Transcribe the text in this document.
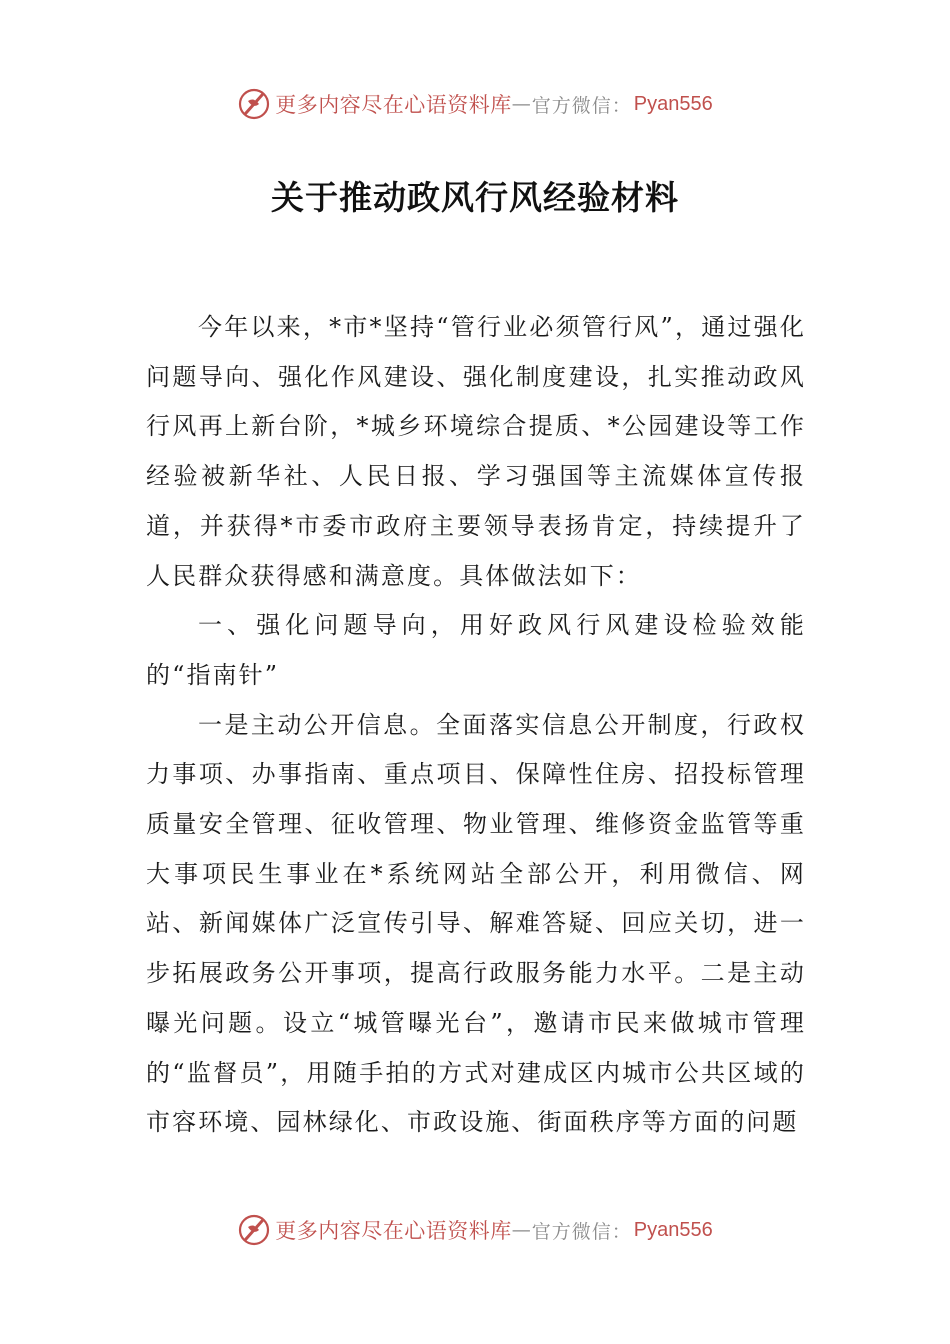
更多内容尽在心语资料库 — 官方微信： Pyan556
关于推动政风行风经验材料

今年以来，*市*坚持“管行业必须管行风”，通过强化问题导向、强化作风建设、强化制度建设，扎实推动政风行风再上新台阶，*城乡环境综合提质、*公园建设等工作经验被新华社、人民日报、学习强国等主流媒体宣传报道，并获得*市委市政府主要领导表扬肯定，持续提升了人民群众获得感和满意度。具体做法如下：

一、强化问题导向，用好政风行风建设检验效能的“指南针”

一是主动公开信息。全面落实信息公开制度，行政权力事项、办事指南、重点项目、保障性住房、招投标管理质量安全管理、征收管理、物业管理、维修资金监管等重大事项民生事业在*系统网站全部公开，利用微信、网站、新闻媒体广泛宣传引导、解难答疑、回应关切，进一步拓展政务公开事项，提高行政服务能力水平。二是主动曝光问题。设立“城管曝光台”，邀请市民来做城市管理的“监督员”，用随手拍的方式对建成区内城市公共区域的市容环境、园林绿化、市政设施、街面秩序等方面的问题

更多内容尽在心语资料库 — 官方微信： Pyan556
